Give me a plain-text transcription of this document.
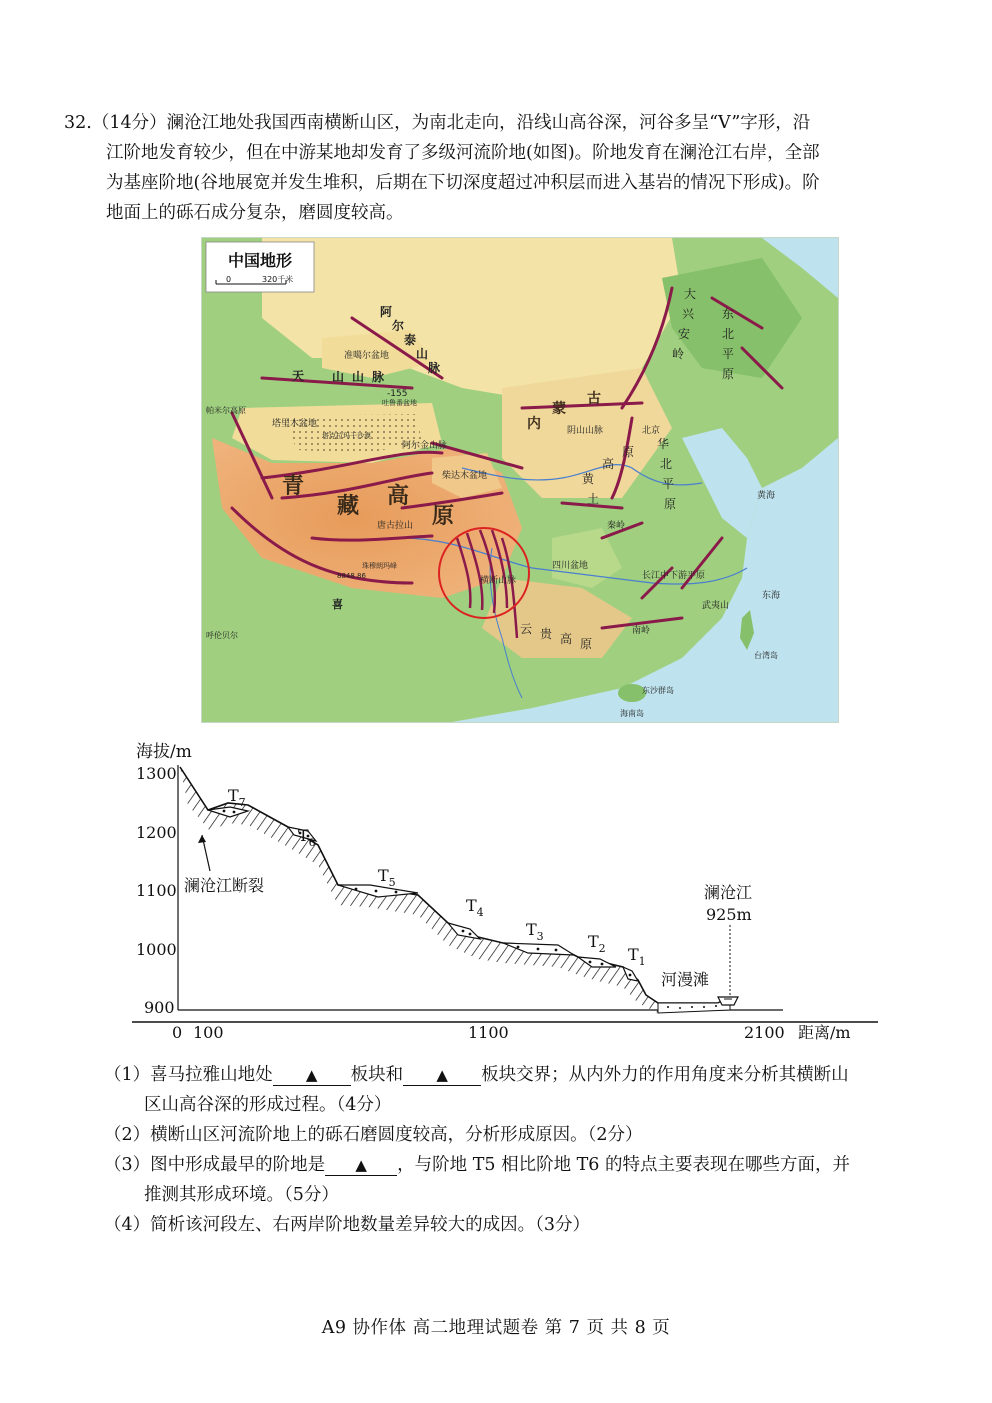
32.（14分）澜沧江地处我国西南横断山区，为南北走向，沿线山高谷深，河谷多呈“V”字形，沿
江阶地发育较少，但在中游某地却发育了多级河流阶地(如图)。阶地发育在澜沧江右岸，全部
为基座阶地(谷地展宽并发生堆积，后期在下切深度超过冲积层而进入基岩的情况下形成)。阶
地面上的砾石成分复杂，磨圆度较高。
中国地形
0	320千米
阿
尔
泰
山
脉
天 山 山 脉
喜
青
藏 高
原
内
古
蒙
准噶尔盆地
-155
吐鲁番盆地
帕米尔高原
塔里木盆地
塔克拉玛干沙漠
阿尔金山脉
柴达木盆地
唐古拉山
珠穆朗玛峰
8848.86
阴山山脉
横断山脉
四川盆地
秦岭
长江中下游平原
武夷山
南岭
北京
黄海
东海
台湾岛
海南岛
东沙群岛
呼伦贝尔	云 贵 高 原
黄
土
高
原
大
兴
安
岭
东
北
平
原
华
北
平
原
海拔/m
1300
1200
1100
1000
900
0 100	1100	2100 距离/m
$T_7$
$T_6$
$T_5$
$T_4$
$T_3$	$T_2$ $T_1$
澜沧江断裂	澜沧江
925m
河漫滩
（1）喜马拉雅山地处 ▲ 板块和 ▲ 板块交界；从内外力的作用角度来分析其横断山
区山高谷深的形成过程。（4分）
（2）横断山区河流阶地上的砾石磨圆度较高，分析形成原因。（2分）
（3）图中形成最早的阶地是 ▲ ，与阶地 T5 相比阶地 T6 的特点主要表现在哪些方面，并
推测其形成环境。（5分）
（4）简析该河段左、右两岸阶地数量差异较大的成因。（3分）
A9 协作体 高二地理试题卷 第 7 页 共 8 页
